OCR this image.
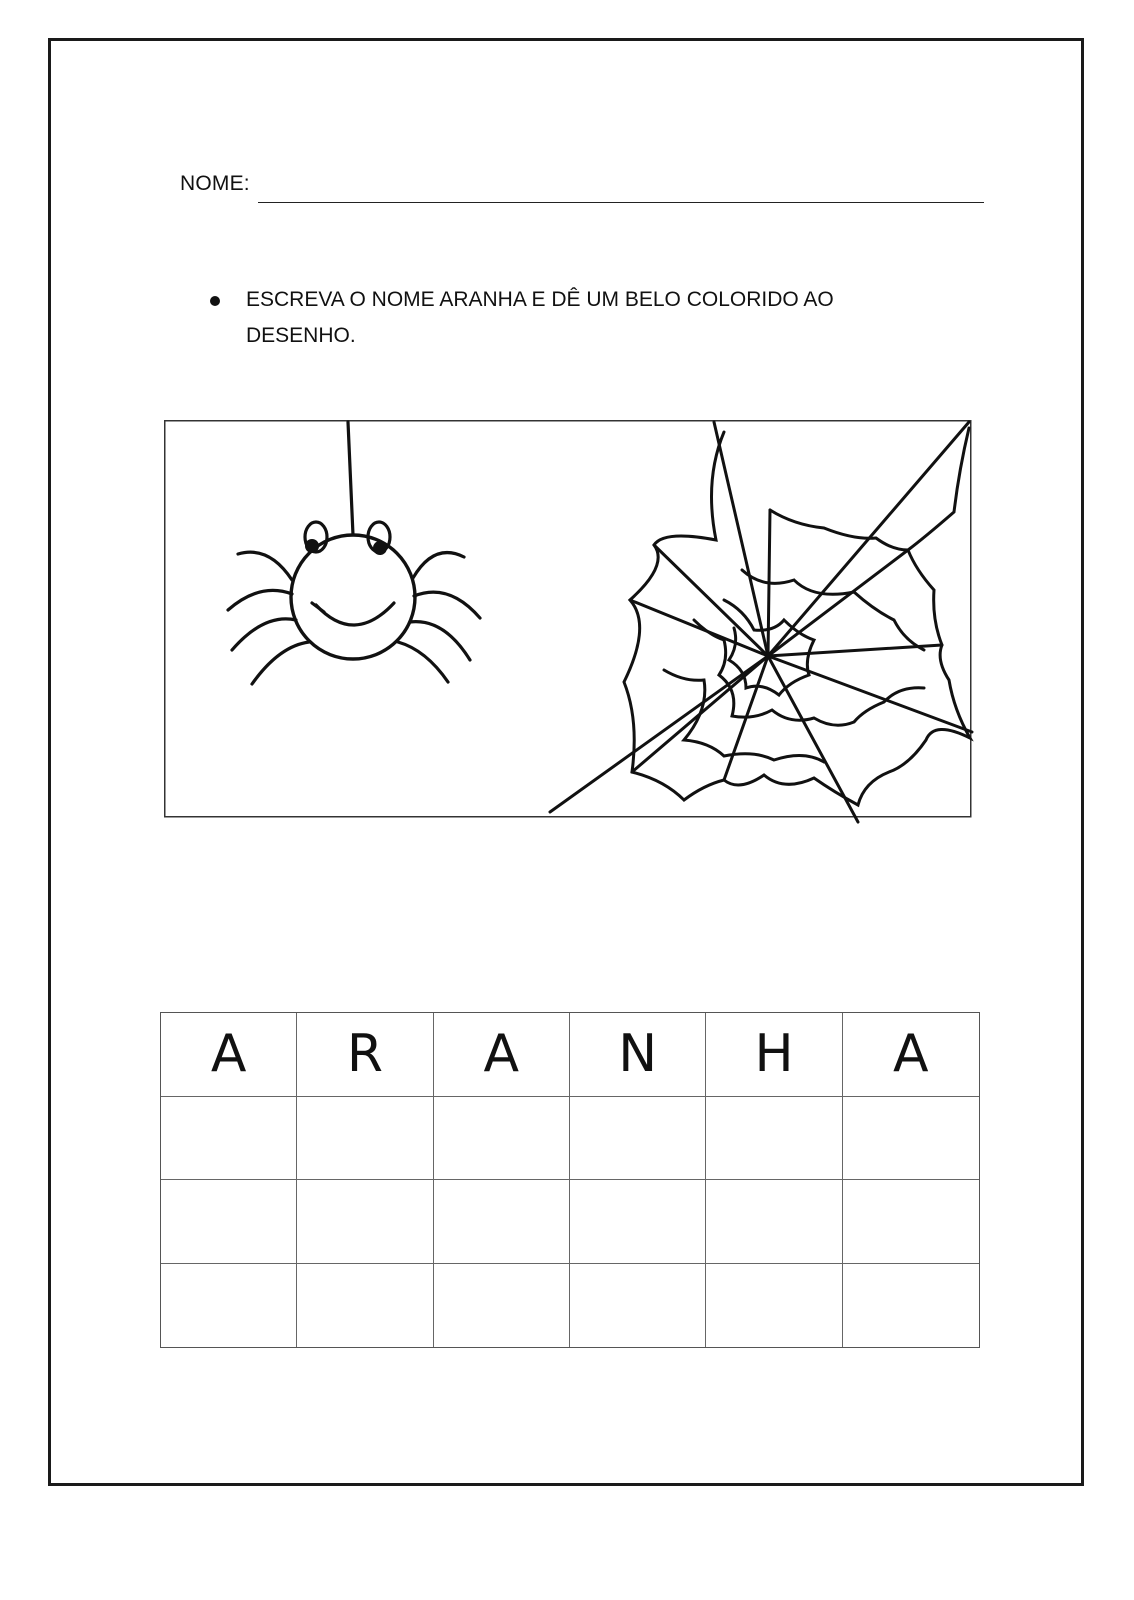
NOME:
ESCREVA O NOME ARANHA E DÊ UM BELO COLORIDO AO DESENHO.
A	R	A	N	H	A
